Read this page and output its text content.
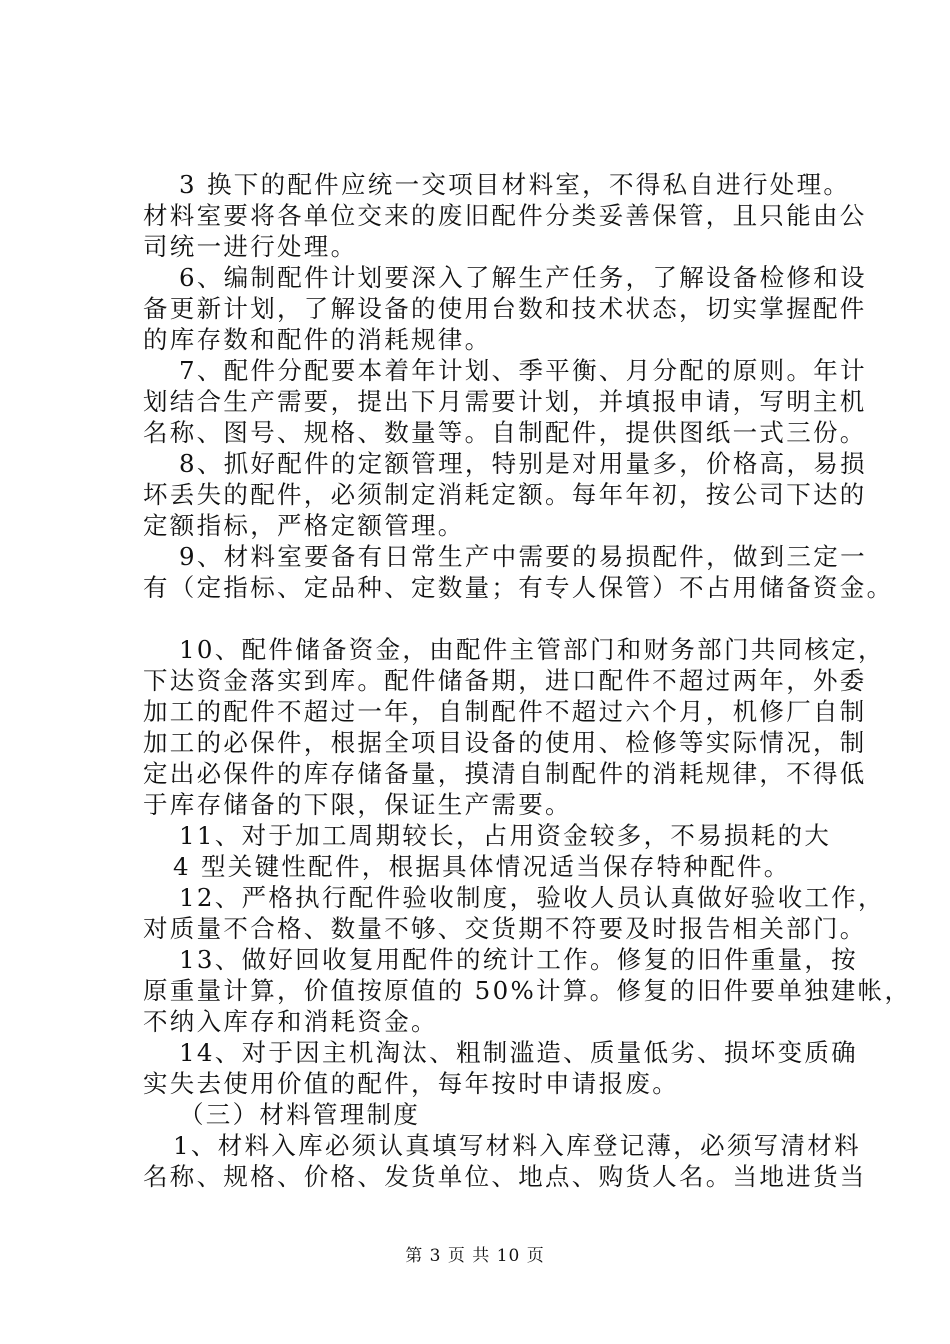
3 换下的配件应统一交项目材料室，不得私自进行处理。
材料室要将各单位交来的废旧配件分类妥善保管，且只能由公
司统一进行处理。
6、编制配件计划要深入了解生产任务，了解设备检修和设
备更新计划，了解设备的使用台数和技术状态，切实掌握配件
的库存数和配件的消耗规律。
7、配件分配要本着年计划、季平衡、月分配的原则。年计
划结合生产需要，提出下月需要计划，并填报申请，写明主机
名称、图号、规格、数量等。自制配件，提供图纸一式三份。
8、抓好配件的定额管理，特别是对用量多，价格高，易损
坏丢失的配件，必须制定消耗定额。每年年初，按公司下达的
定额指标，严格定额管理。
9、材料室要备有日常生产中需要的易损配件，做到三定一
有（定指标、定品种、定数量；有专人保管）不占用储备资金。
10、配件储备资金，由配件主管部门和财务部门共同核定，
下达资金落实到库。配件储备期，进口配件不超过两年，外委
加工的配件不超过一年，自制配件不超过六个月，机修厂自制
加工的必保件，根据全项目设备的使用、检修等实际情况，制
定出必保件的库存储备量，摸清自制配件的消耗规律，不得低
于库存储备的下限，保证生产需要。
11、对于加工周期较长，占用资金较多，不易损耗的大
4 型关键性配件，根据具体情况适当保存特种配件。
12、严格执行配件验收制度，验收人员认真做好验收工作，
对质量不合格、数量不够、交货期不符要及时报告相关部门。
13、做好回收复用配件的统计工作。修复的旧件重量，按
原重量计算，价值按原值的 50%计算。修复的旧件要单独建帐，
不纳入库存和消耗资金。
14、对于因主机淘汰、粗制滥造、质量低劣、损坏变质确
实失去使用价值的配件，每年按时申请报废。
（三）材料管理制度
1、材料入库必须认真填写材料入库登记薄，必须写清材料
名称、规格、价格、发货单位、地点、购货人名。当地进货当
第 3 页 共 10 页
